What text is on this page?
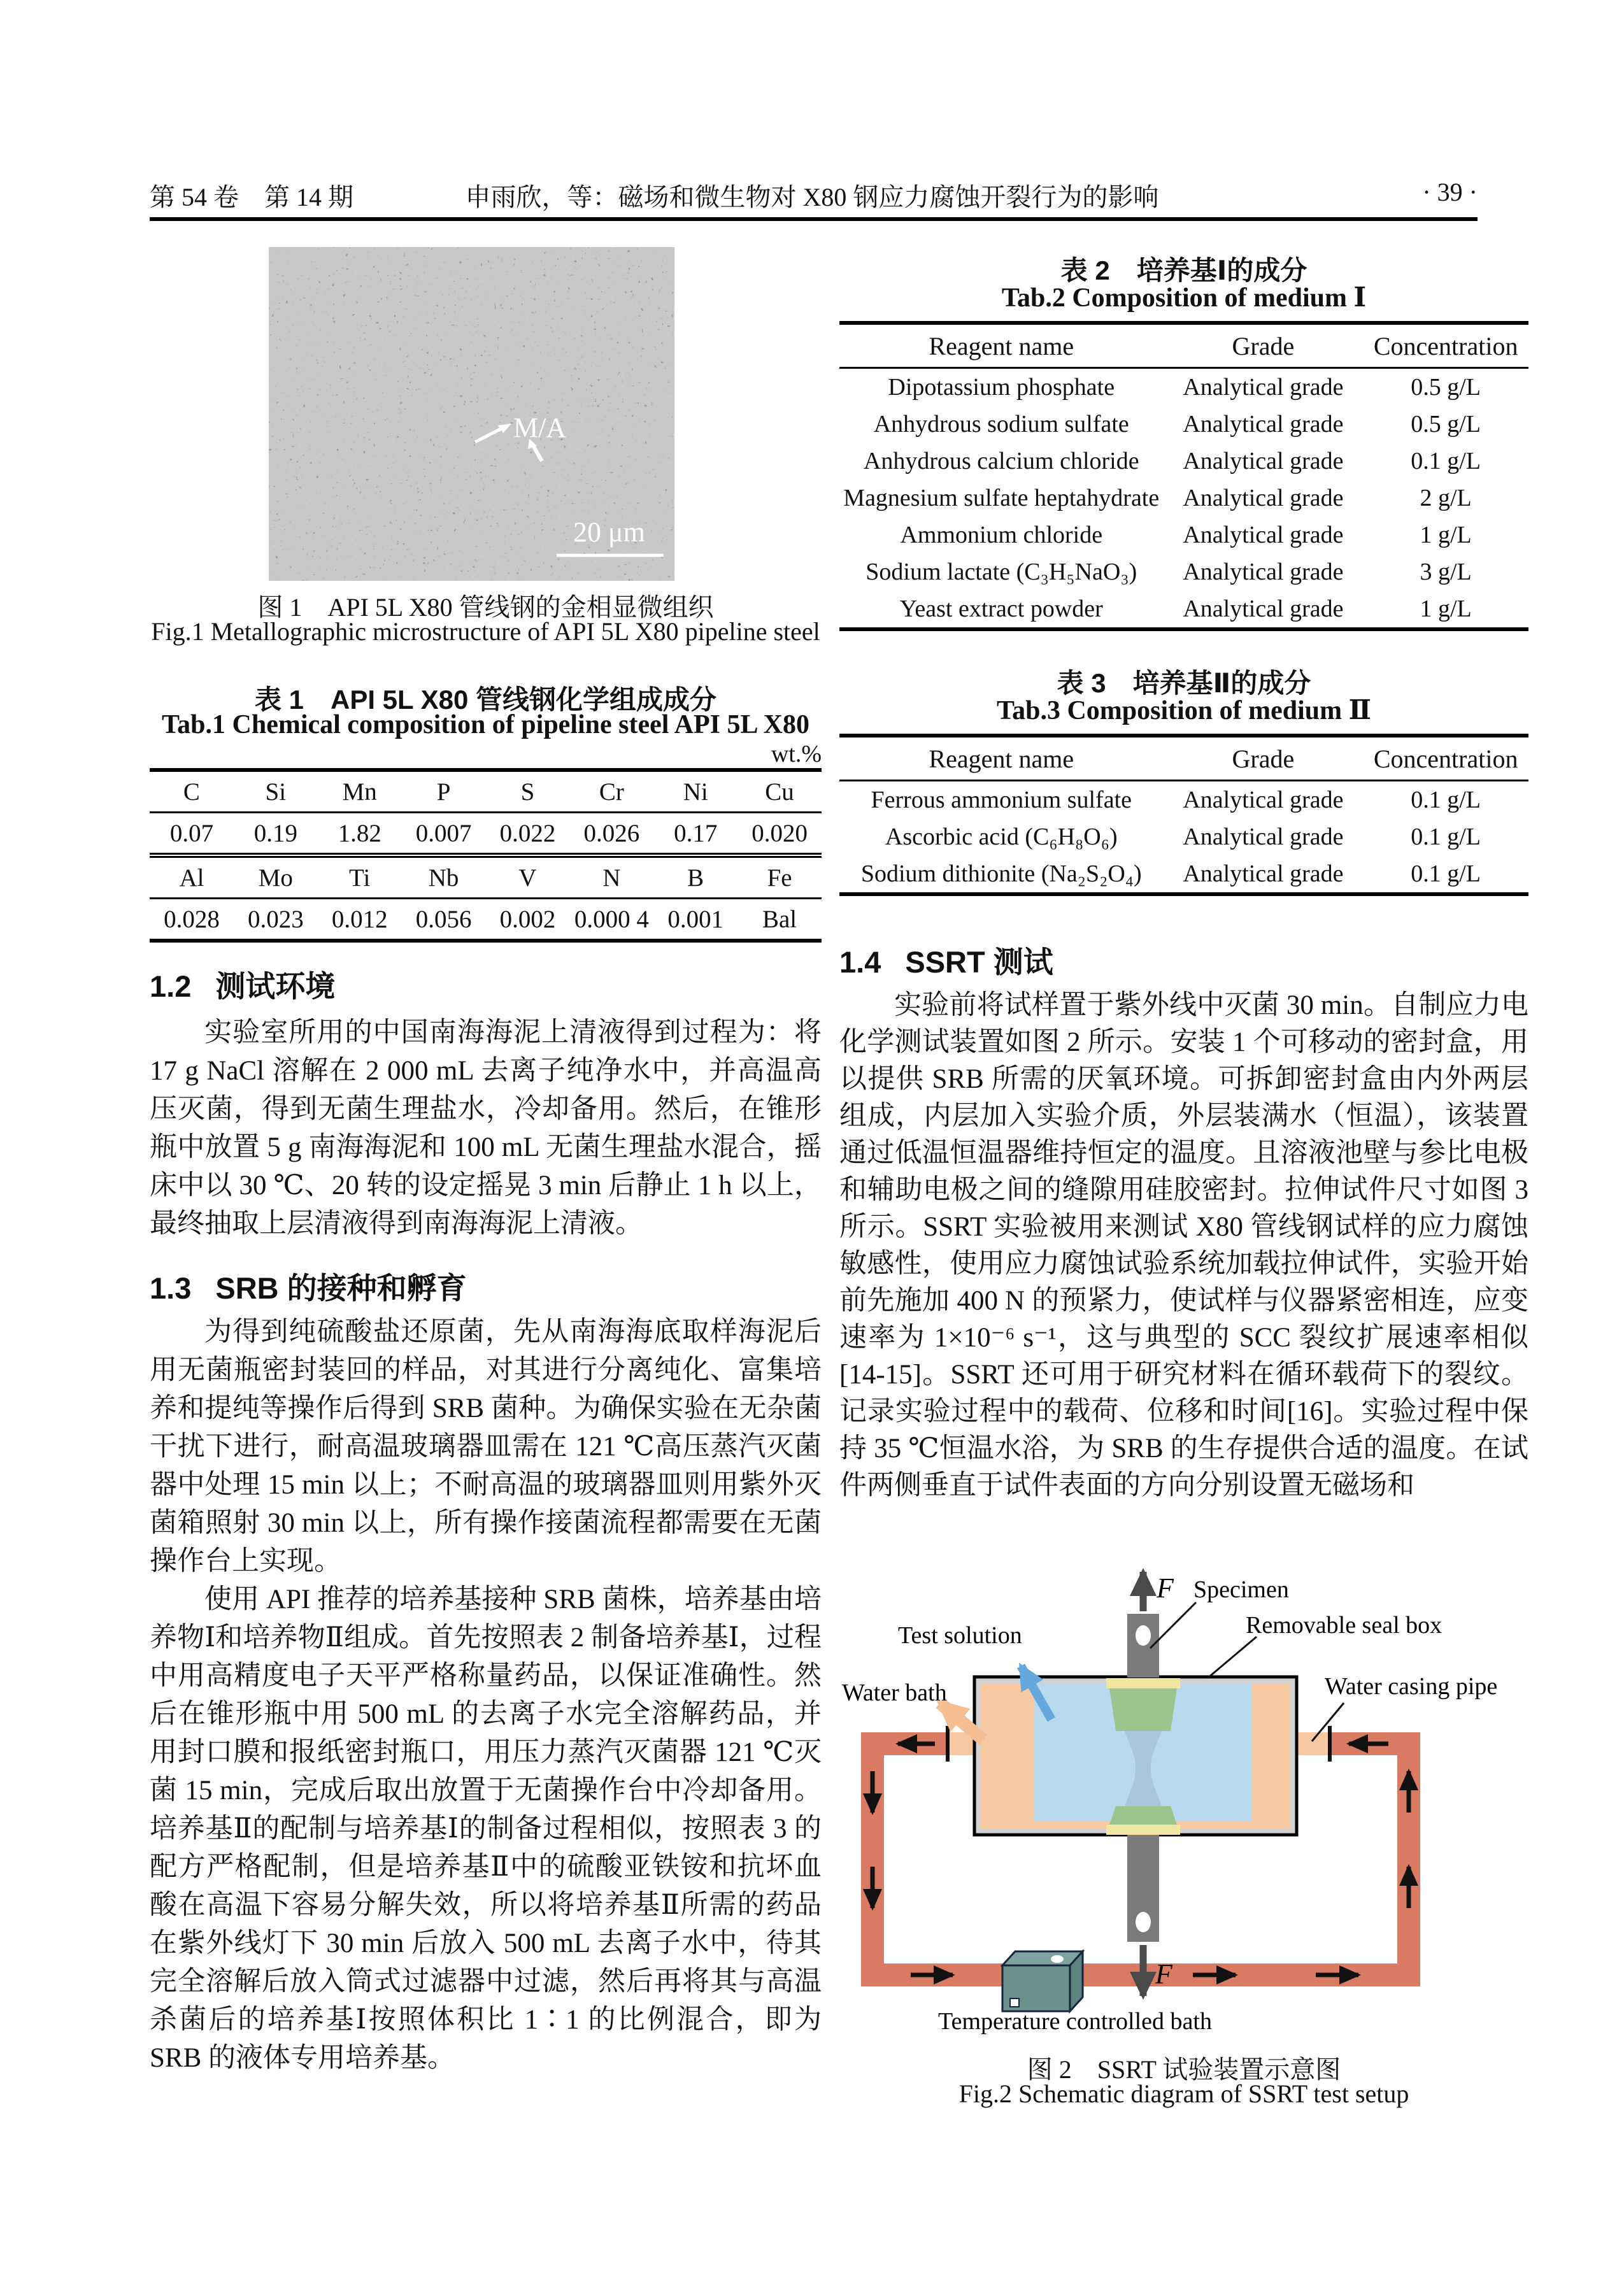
第 54 卷　第 14 期	申雨欣，等：磁场和微生物对 X80 钢应力腐蚀开裂行为的影响	· 39 ·
M/A
20 μm
图 1　API 5L X80 管线钢的金相显微组织
Fig.1 Metallographic microstructure of API 5L X80 pipeline steel
表 1　API 5L X80 管线钢化学组成成分
Tab.1 Chemical composition of pipeline steel API 5L X80
wt.%
C	Si	Mn	P	S	Cr	Ni	Cu
0.07	0.19	1.82	0.007	0.022	0.026	0.17	0.020
Al	Mo	Ti	Nb	V	N	B	Fe
0.028	0.023	0.012	0.056	0.002	0.000 4	0.001	Bal
1.2 测试环境
实验室所用的中国南海海泥上清液得到过程为：将 17 g NaCl 溶解在 2 000 mL 去离子纯净水中，并高温高压灭菌，得到无菌生理盐水，冷却备用。然后，在锥形瓶中放置 5 g 南海海泥和 100 mL 无菌生理盐水混合，摇床中以 30 ℃、20 转的设定摇晃 3 min 后静止 1 h 以上，最终抽取上层清液得到南海海泥上清液。
1.3 SRB 的接种和孵育
为得到纯硫酸盐还原菌，先从南海海底取样海泥后用无菌瓶密封装回的样品，对其进行分离纯化、富集培养和提纯等操作后得到 SRB 菌种。为确保实验在无杂菌干扰下进行，耐高温玻璃器皿需在 121 ℃高压蒸汽灭菌器中处理 15 min 以上；不耐高温的玻璃器皿则用紫外灭菌箱照射 30 min 以上，所有操作接菌流程都需要在无菌操作台上实现。
使用 API 推荐的培养基接种 SRB 菌株，培养基由培养物Ⅰ和培养物Ⅱ组成。首先按照表 2 制备培养基Ⅰ，过程中用高精度电子天平严格称量药品，以保证准确性。然后在锥形瓶中用 500 mL 的去离子水完全溶解药品，并用封口膜和报纸密封瓶口，用压力蒸汽灭菌器 121 ℃灭菌 15 min，完成后取出放置于无菌操作台中冷却备用。培养基Ⅱ的配制与培养基Ⅰ的制备过程相似，按照表 3 的配方严格配制，但是培养基Ⅱ中的硫酸亚铁铵和抗坏血酸在高温下容易分解失效，所以将培养基Ⅱ所需的药品在紫外线灯下 30 min 后放入 500 mL 去离子水中，待其完全溶解后放入筒式过滤器中过滤，然后再将其与高温杀菌后的培养基Ⅰ按照体积比 1∶1 的比例混合，即为 SRB 的液体专用培养基。
表 2　培养基Ⅰ的成分
Tab.2 Composition of medium Ⅰ
Reagent name	Grade	Concentration
Dipotassium phosphate	Analytical grade	0.5 g/L
Anhydrous sodium sulfate	Analytical grade	0.5 g/L
Anhydrous calcium chloride	Analytical grade	0.1 g/L
Magnesium sulfate heptahydrate	Analytical grade	2 g/L
Ammonium chloride	Analytical grade	1 g/L
Sodium lactate (C₃H₅NaO₃)	Analytical grade	3 g/L
Yeast extract powder	Analytical grade	1 g/L
表 3　培养基Ⅱ的成分
Tab.3 Composition of medium Ⅱ
Reagent name	Grade	Concentration
Ferrous ammonium sulfate	Analytical grade	0.1 g/L
Ascorbic acid (C₆H₈O₆)	Analytical grade	0.1 g/L
Sodium dithionite (Na₂S₂O₄)	Analytical grade	0.1 g/L
1.4 SSRT 测试
实验前将试样置于紫外线中灭菌 30 min。自制应力电化学测试装置如图 2 所示。安装 1 个可移动的密封盒，用以提供 SRB 所需的厌氧环境。可拆卸密封盒由内外两层组成，内层加入实验介质，外层装满水（恒温），该装置通过低温恒温器维持恒定的温度。且溶液池壁与参比电极和辅助电极之间的缝隙用硅胶密封。拉伸试件尺寸如图 3 所示。SSRT 实验被用来测试 X80 管线钢试样的应力腐蚀敏感性，使用应力腐蚀试验系统加载拉伸试件，实验开始前先施加 400 N 的预紧力，使试样与仪器紧密相连，应变速率为 1×10⁻⁶ s⁻¹，这与典型的 SCC 裂纹扩展速率相似[14-15]。SSRT 还可用于研究材料在循环载荷下的裂纹。记录实验过程中的载荷、位移和时间[16]。实验过程中保持 35 ℃恒温水浴，为 SRB 的生存提供合适的温度。在试件两侧垂直于试件表面的方向分别设置无磁场和
F Specimen
Removable seal box
Test solution
Water bath	Water casing pipe
Temperature controlled bath
F
图 2　SSRT 试验装置示意图
Fig.2 Schematic diagram of SSRT test setup
